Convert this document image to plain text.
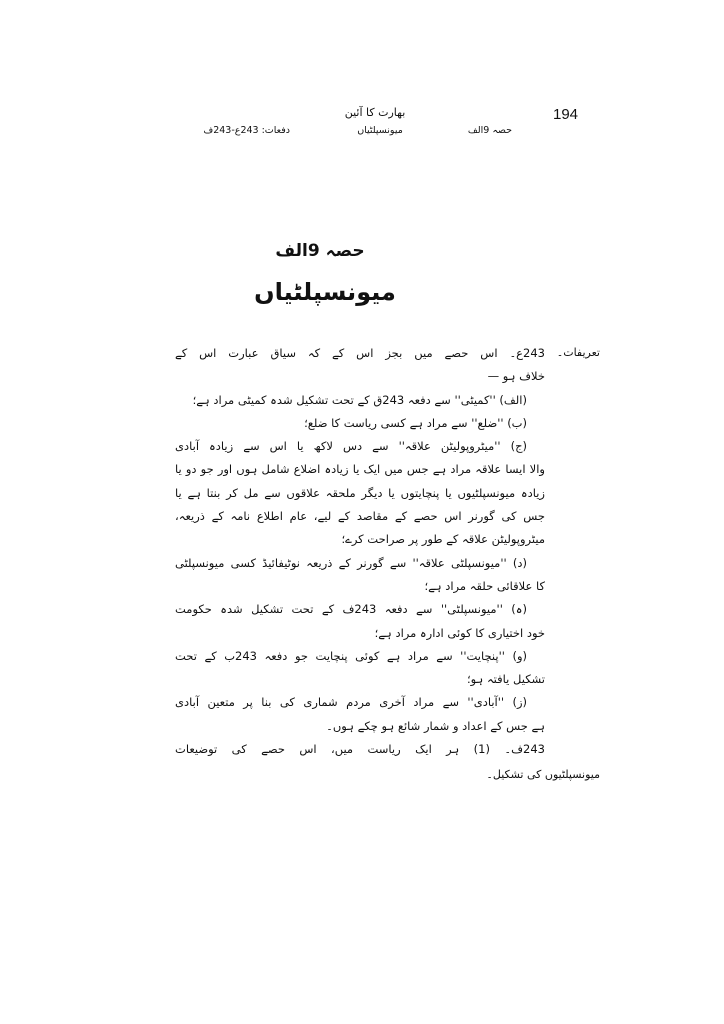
194
بھارت کا آئین
حصہ 9الف
میونسپلٹیاں
دفعات: 243ع-243ف
حصہ 9الف
میونسپلٹیاں
تعریفات۔
میونسپلٹیوں کی تشکیل۔
243ع۔ اس حصے میں بجز اس کے کہ سیاق عبارت اس کے
خلاف ہو —
(الف) ''کمیٹی'' سے دفعہ 243ق کے تحت تشکیل شدہ کمیٹی مراد ہے؛
(ب) ''ضلع'' سے مراد ہے کسی ریاست کا ضلع؛
(ج) ''میٹروپولیٹن علاقہ'' سے دس لاکھ یا اس سے زیادہ آبادی
والا ایسا علاقہ مراد ہے جس میں ایک یا زیادہ اضلاع شامل ہوں اور جو دو یا
زیادہ میونسپلٹیوں یا پنچایتوں یا دیگر ملحقہ علاقوں سے مل کر بنتا ہے یا
جس کی گورنر اس حصے کے مقاصد کے لیے، عام اطلاع نامہ کے ذریعہ،
میٹروپولیٹن علاقہ کے طور پر صراحت کرے؛
(د) ''میونسپلٹی علاقہ'' سے گورنر کے ذریعہ نوٹیفائیڈ کسی میونسپلٹی
کا علاقائی حلقہ مراد ہے؛
(ہ) ''میونسپلٹی'' سے دفعہ 243ف کے تحت تشکیل شدہ حکومت
خود اختیاری کا کوئی ادارہ مراد ہے؛
(و) ''پنچایت'' سے مراد ہے کوئی پنچایت جو دفعہ 243ب کے تحت
تشکیل یافتہ ہو؛
(ز) ''آبادی'' سے مراد آخری مردم شماری کی بنا پر متعین آبادی
ہے جس کے اعداد و شمار شائع ہو چکے ہوں۔
243ف۔ (1) ہر ایک ریاست میں، اس حصے کی توضیعات
